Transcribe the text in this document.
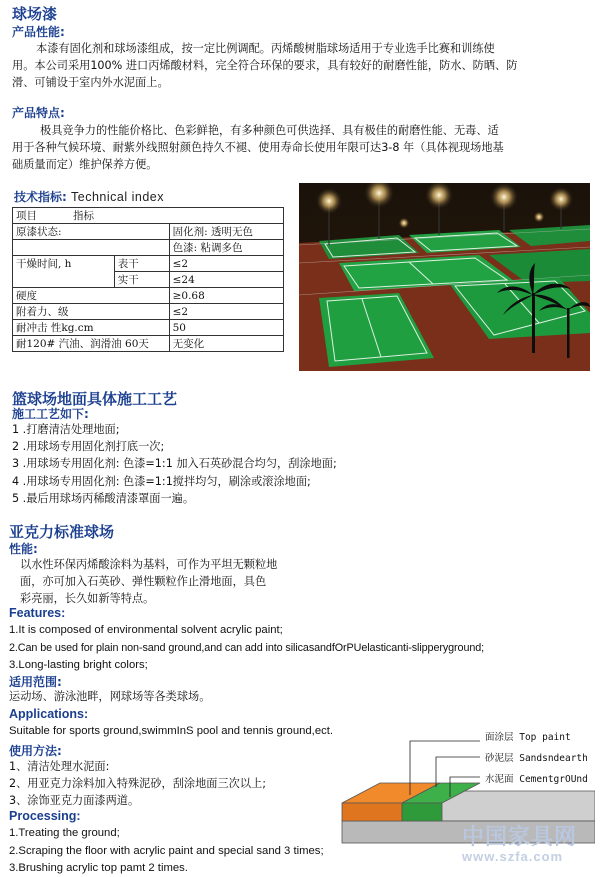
球场漆
产品性能:
本漆有固化剂和球场漆组成，按一定比例调配。丙烯酸树脂球场适用于专业选手比赛和训练使
用。本公司采用100% 进口丙烯酸材料，完全符合环保的要求，具有较好的耐磨性能，防水、防晒、防
滑、可铺设于室内外水泥面上。
产品特点:
极具竞争力的性能价格比、色彩鲜艳，有多种颜色可供选择、具有极佳的耐磨性能、无毒、适
用于各种气候环境、耐紫外线照射颜色持久不褪、使用寿命长使用年限可达3-8 年（具体视现场地基
础质量而定）维护保养方便。
技术指标: Technical index
项目 指标		
原漆状态:		固化剂: 透明无色
		色漆: 粘调多色
干燥时间, h	表干	≤2
	实干	≤24
硬度		≥0.68
附着力、级		≤2
耐冲击 性kg.cm		50
耐120# 汽油、润滑油 60天		无变化
篮球场地面具体施工工艺
施工工艺如下:
1 .打磨清洁处理地面;
2 .用球场专用固化剂打底一次;
3 .用球场专用固化剂: 色漆=1:1 加入石英砂混合均匀，刮涂地面;
4 .用球场专用固化剂: 色漆=1:1搅拌均匀，刷涂或滚涂地面;
5 .最后用球场丙稀酸清漆罩面一遍。
亚克力标准球场
性能:
以水性环保丙烯酸涂料为基料，可作为平坦无颗粒地
面，亦可加入石英砂、弹性颗粒作止滑地面，具色
彩亮丽，长久如新等特点。
Features:
1.It is composed of environmental solvent acrylic paint;
2.Can be used for plain non-sand ground,and can add into silicasandfOrPUelasticanti-slipperyground;
3.Long-lasting bright colors;
适用范围:
运动场、游泳池畔，网球场等各类球场。
Applications:
Suitable for sports ground,swimmInS pool and tennis ground,ect.
使用方法:
1、清洁处理水泥面:
2、用亚克力涂料加入特殊泥砂，刮涂地面三次以上;
3、涂饰亚克力面漆两道。
Processing:
1.Treating the ground;
2.Scraping the floor with acrylic paint and special sand 3 times;
3.Brushing acrylic top pamt 2 times.
面涂层 Top paint
砂泥层 Sandsndearth
水泥面 CementgrOUnd
中国家具网
www.szfa.com
